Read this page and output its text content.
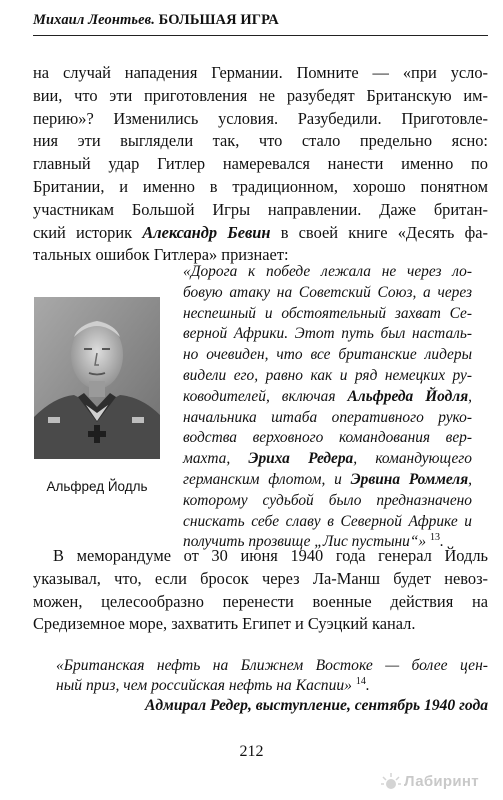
Михаил Леонтьев. БОЛЬШАЯ ИГРА
на случай нападения Германии. Помните — «при усло-
вии, что эти приготовления не разубедят Британскую им-
перию»? Изменились условия. Разубедили. Приготовле-
ния эти выглядели так, что стало предельно ясно:
главный удар Гитлер намеревался нанести именно по
Британии, и именно в традиционном, хорошо понятном
участникам Большой Игры направлении. Даже британ-
ский историк Александр Бевин в своей книге «Десять фа-
тальных ошибок Гитлера» признает:
Альфред Йодль
«Дорога к победе лежала не через ло-
бовую атаку на Советский Союз, а через
неспешный и обстоятельный захват Се-
верной Африки. Этот путь был насталь-
но очевиден, что все британские лидеры
видели его, равно как и ряд немецких ру-
ководителей, включая Альфреда Йодля,
начальника штаба оперативного руко-
водства верховного командования вер-
махта, Эриха Редера, командующего
германским флотом, и Эрвина Роммеля,
которому судьбой было предназначено
снискать себе славу в Северной Африке и
получить прозвище „Лис пустыни“» $^{13}$.
В меморандуме от 30 июня 1940 года генерал Йодль
указывал, что, если бросок через Ла-Манш будет невоз-
можен, целесообразно перенести военные действия на
Средиземное море, захватить Египет и Суэцкий канал.
«Британская нефть на Ближнем Востоке — более цен-
ный приз, чем российская нефть на Каспии» $^{14}$.
Адмирал Редер, выступление, сентябрь 1940 года
212
Лабиринт
